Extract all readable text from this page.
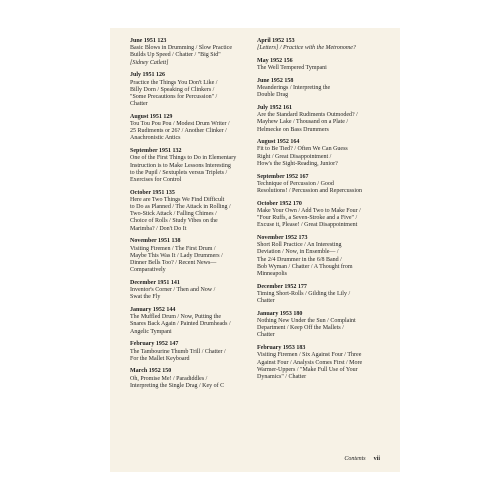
June 1951 123

Basic Blows in Drumming / Slow Practice

Builds Up Speed / Chatter / "Big Sid"

[Sidney Catlett]

July 1951 126

Practice the Things You Don't Like /

Billy Dorn / Speaking of Clinkers /

"Some Precautions for Percussion" /

Chatter

August 1951 129

Tou Tou Pou Pou / Modest Drum Writer /

25 Rudiments or 26? / Another Clinker /

Anachronistic Antics

September 1951 132

One of the First Things to Do in Elementary

Instruction is to Make Lessons Interesting

to the Pupil / Sextuplets versus Triplets /

Exercises for Control

October 1951 135

Here are Two Things We Find Difficult

to Do as Planned / The Attack in Rolling /

Two-Stick Attack / Falling Chimes /

Choice of Rolls / Study Vibes on the

Marimba? / Don't Do It

November 1951 138

Visiting Firemen / The First Drum /

Maybe This Was It / Lady Drummers /

Dinner Bells Too? / Recent News—

Comparatively

December 1951 141

Inventor's Corner / Then and Now /

Swat the Fly

January 1952 144

The Muffled Drum / Now, Putting the

Snares Back Again / Painted Drumheads /

Angelic Tympani

February 1952 147

The Tambourine Thumb Trill / Chatter /

For the Mallet Keyboard

March 1952 150

Oh, Promise Me! / Paradiddles /

Interpreting the Single Drag / Key of C

April 1952 153

[Letters] / Practice with the Metronome?

May 1952 156

The Well Tempered Tympani

June 1952 158

Meanderings / Interpreting the

Double Drag

July 1952 161

Are the Standard Rudiments Outmoded? /

Mayhew Lake / Thousand on a Plate /

Helmecke on Bass Drummers

August 1952 164

Fit to Be Tied? / Often We Can Guess

Right / Great Disappointment /

How's the Sight-Reading, Junior?

September 1952 167

Technique of Percussion / Good

Resolutions! / Percussion and Repercussion

October 1952 170

Make Your Own / Add Two to Make Four /

"Four Ruffs, a Seven-Stroke and a Five" /

Excuse it, Please! / Great Disappointment

November 1952 173

Short Roll Practice / An Interesting

Deviation / Now, in Ensemble— /

The 2/4 Drummer in the 6/8 Band /

Bob Wyman / Chatter / A Thought from

Minneapolis

December 1952 177

Timing Short-Rolls / Gilding the Lily /

Chatter

January 1953 180

Nothing New Under the Sun / Complaint

Department / Keep Off the Mallets /

Chatter

February 1953 183

Visiting Firemen / Six Against Four / Three

Against Four / Analysis Comes First / More

Warmer-Uppers / "Make Full Use of Your

Dynamics" / Chatter

Contents vii
